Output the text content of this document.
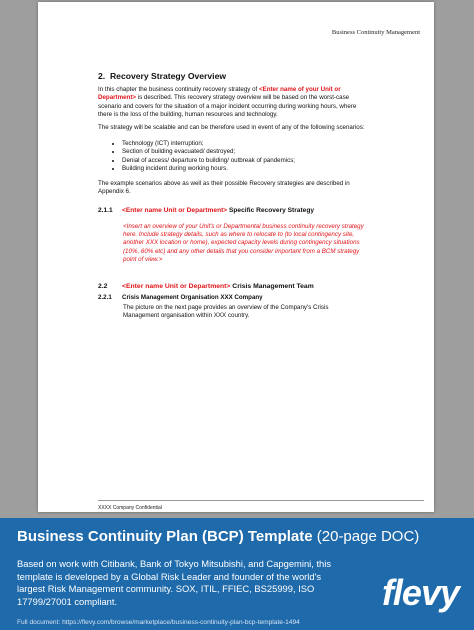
Business Continuity Management
2. Recovery Strategy Overview
In this chapter the business continuity recovery strategy of <Enter name of your Unit or Department> is described. This recovery strategy overview will be based on the worst-case scenario and covers for the situation of a major incident occurring during working hours, where there is the loss of the building, human resources and technology.
The strategy will be scalable and can be therefore used in event of any of the following scenarios:
• Technology (ICT) interruption;
• Section of building evacuated/ destroyed;
• Denial of access/ departure to building/ outbreak of pandemics;
• Building incident during working hours.
The example scenarios above as well as their possible Recovery strategies are described in Appendix 6.
2.1.1 <Enter name Unit or Department> Specific Recovery Strategy
<Insert an overview of your Unit's or Departmental business continuity recovery strategy here. Include strategy details, such as where to relocate to (to local contingency site, another XXX location or home), expected capacity levels during contingency situations (10%, 60% etc) and any other details that you consider important from a BCM strategy point of view.>
2.2 <Enter name Unit or Department> Crisis Management Team
2.2.1 Crisis Management Organisation XXX Company
The picture on the next page provides an overview of the Company's Crisis Management organisation within XXX country.
XXXX Company Confidential
Business Continuity Plan (BCP) Template (20-page DOC)
Based on work with Citibank, Bank of Tokyo Mitsubishi, and Capgemini, this template is developed by a Global Risk Leader and founder of the world's largest Risk Management community. SOX, ITIL, FFIEC, BS25999, ISO 17799/27001 compliant.	flevy
Full document: https://flevy.com/browse/marketplace/business-continuity-plan-bcp-template-1494
